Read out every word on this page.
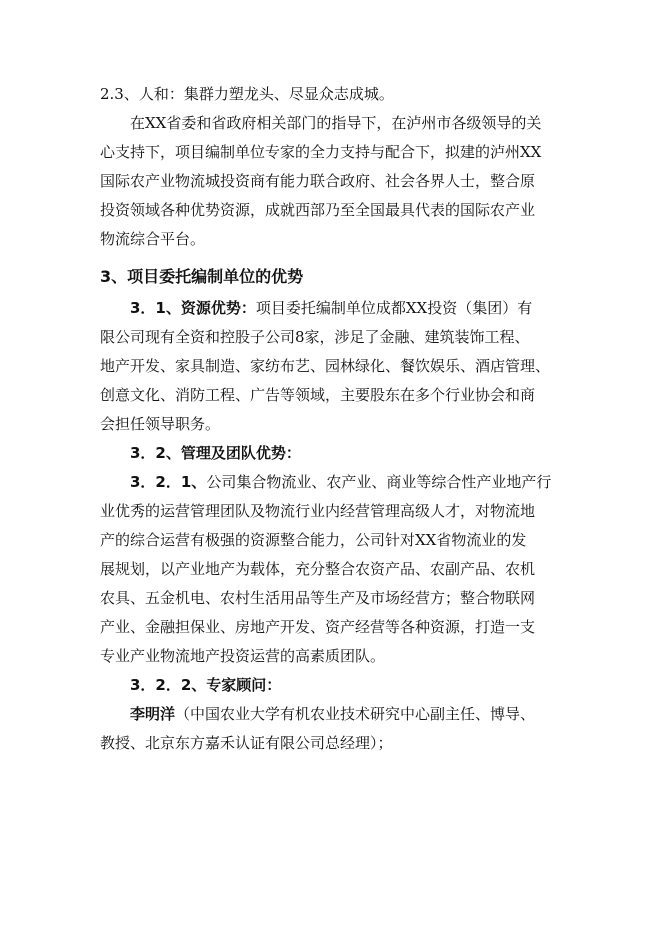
2.3、人和：集群力塑龙头、尽显众志成城。
在XX省委和省政府相关部门的指导下，在泸州市各级领导的关
心支持下，项目编制单位专家的全力支持与配合下，拟建的泸州XX
国际农产业物流城投资商有能力联合政府、社会各界人士，整合原
投资领域各种优势资源，成就西部乃至全国最具代表的国际农产业
物流综合平台。
3、项目委托编制单位的优势
3．1、资源优势：项目委托编制单位成都XX投资（集团）有
限公司现有全资和控股子公司8家，涉足了金融、建筑装饰工程、
地产开发、家具制造、家纺布艺、园林绿化、餐饮娱乐、酒店管理、
创意文化、消防工程、广告等领域，主要股东在多个行业协会和商
会担任领导职务。
3．2、管理及团队优势：
3．2．1、公司集合物流业、农产业、商业等综合性产业地产行
业优秀的运营管理团队及物流行业内经营管理高级人才，对物流地
产的综合运营有极强的资源整合能力，公司针对XX省物流业的发
展规划，以产业地产为载体，充分整合农资产品、农副产品、农机
农具、五金机电、农村生活用品等生产及市场经营方；整合物联网
产业、金融担保业、房地产开发、资产经营等各种资源，打造一支
专业产业物流地产投资运营的高素质团队。
3．2．2、专家顾问：
李明洋（中国农业大学有机农业技术研究中心副主任、博导、
教授、北京东方嘉禾认证有限公司总经理）；
